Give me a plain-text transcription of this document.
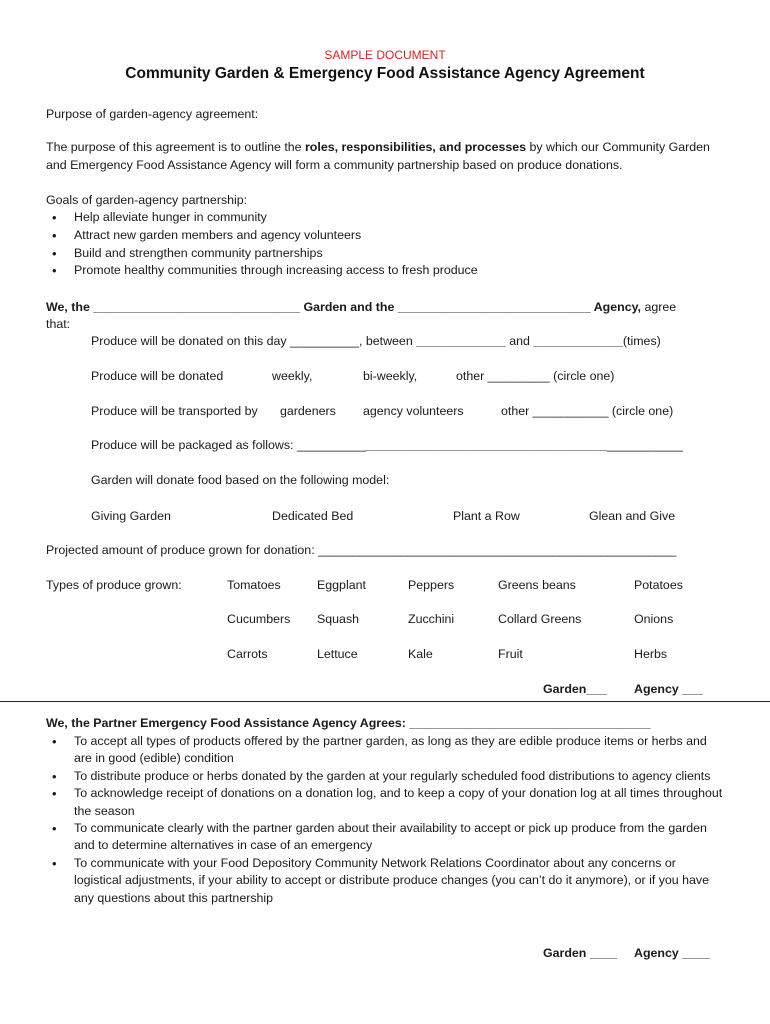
SAMPLE DOCUMENT
Community Garden & Emergency Food Assistance Agency Agreement
Purpose of garden-agency agreement:
The purpose of this agreement is to outline the roles, responsibilities, and processes by which our Community Garden
and Emergency Food Assistance Agency will form a community partnership based on produce donations.
Goals of garden-agency partnership:
• Help alleviate hunger in community
• Attract new garden members and agency volunteers
• Build and strengthen community partnerships
• Promote healthy communities through increasing access to fresh produce
We, the ______________________________ Garden and the ____________________________ Agency, agree
that:
Produce will be donated on this day __________, between _____________ and _____________(times)
Produce will be donated	weekly,	bi-weekly,	other _________ (circle one)
Produce will be transported by gardeners agency volunteers	other ___________ (circle one)
Produce will be packaged as follows: ________________________________________________________
Garden will donate food based on the following model:
Giving Garden	Dedicated Bed	Plant a Row	Glean and Give
Projected amount of produce grown for donation: ____________________________________________________
Types of produce grown:	Tomatoes	Eggplant	Peppers	Greens beans	Potatoes
Cucumbers Squash	Zucchini	Collard Greens	Onions
Carrots	Lettuce	Kale	Fruit	Herbs
Garden___ Agency ___
We, the Partner Emergency Food Assistance Agency Agrees: ___________________________________
• To accept all types of products offered by the partner garden, as long as they are edible produce items or herbs and are in good (edible) condition
• To distribute produce or herbs donated by the garden at your regularly scheduled food distributions to agency clients
• To acknowledge receipt of donations on a donation log, and to keep a copy of your donation log at all times throughout the season
• To communicate clearly with the partner garden about their availability to accept or pick up produce from the garden and to determine alternatives in case of an emergency
• To communicate with your Food Depository Community Network Relations Coordinator about any concerns or logistical adjustments, if your ability to accept or distribute produce changes (you can’t do it anymore), or if you have any questions about this partnership
Garden ____ Agency ____
